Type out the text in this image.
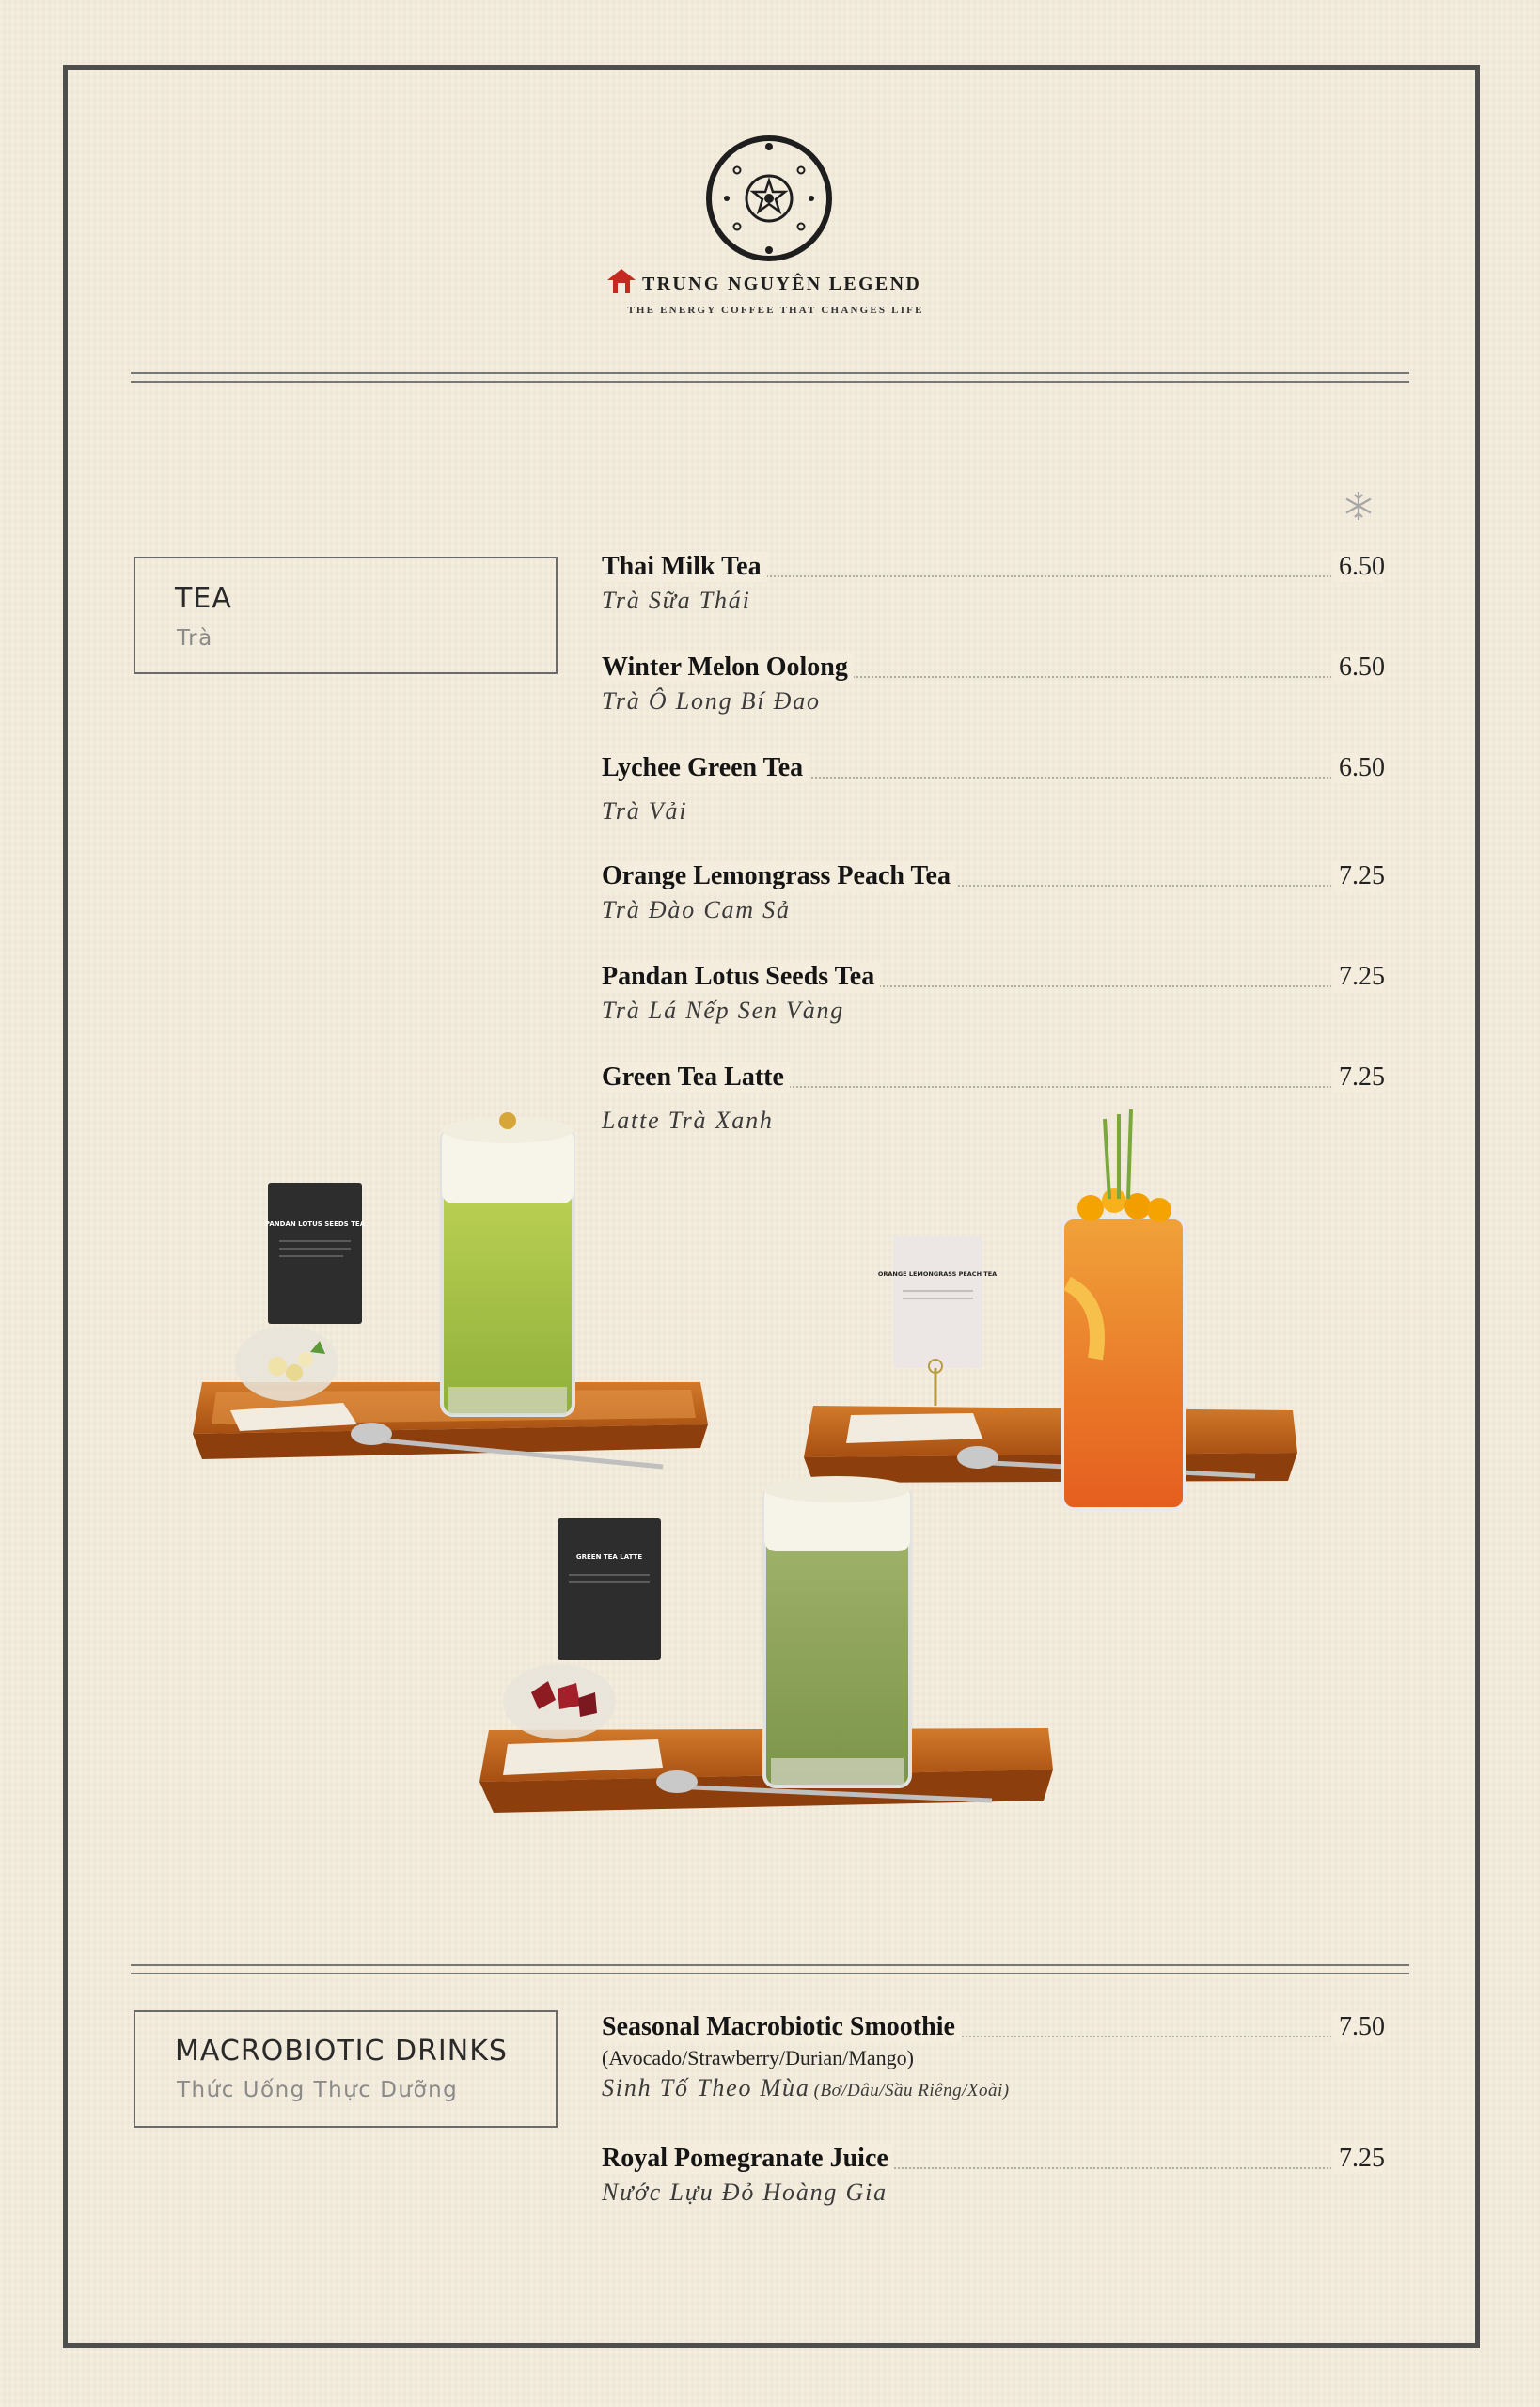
TRUNG NGUYÊN LEGEND
THE ENERGY COFFEE THAT CHANGES LIFE
TEA
Trà
Thai Milk Tea	6.50
Trà Sữa Thái
Winter Melon Oolong	6.50
Trà Ô Long Bí Đao
Lychee Green Tea	6.50
Trà Vải
Orange Lemongrass Peach Tea	7.25
Trà Đào Cam Sả
Pandan Lotus Seeds Tea	7.25
Trà Lá Nếp Sen Vàng
Green Tea Latte	7.25
Latte Trà Xanh
PANDAN LOTUS SEEDS TEA
ORANGE LEMONGRASS PEACH TEA
GREEN TEA LATTE
MACROBIOTIC DRINKS
Thức Uống Thực Dưỡng
Seasonal Macrobiotic Smoothie	7.50
(Avocado/Strawberry/Durian/Mango)
Sinh Tố Theo Mùa (Bơ/Dâu/Sầu Riêng/Xoài)
Royal Pomegranate Juice	7.25
Nước Lựu Đỏ Hoàng Gia
